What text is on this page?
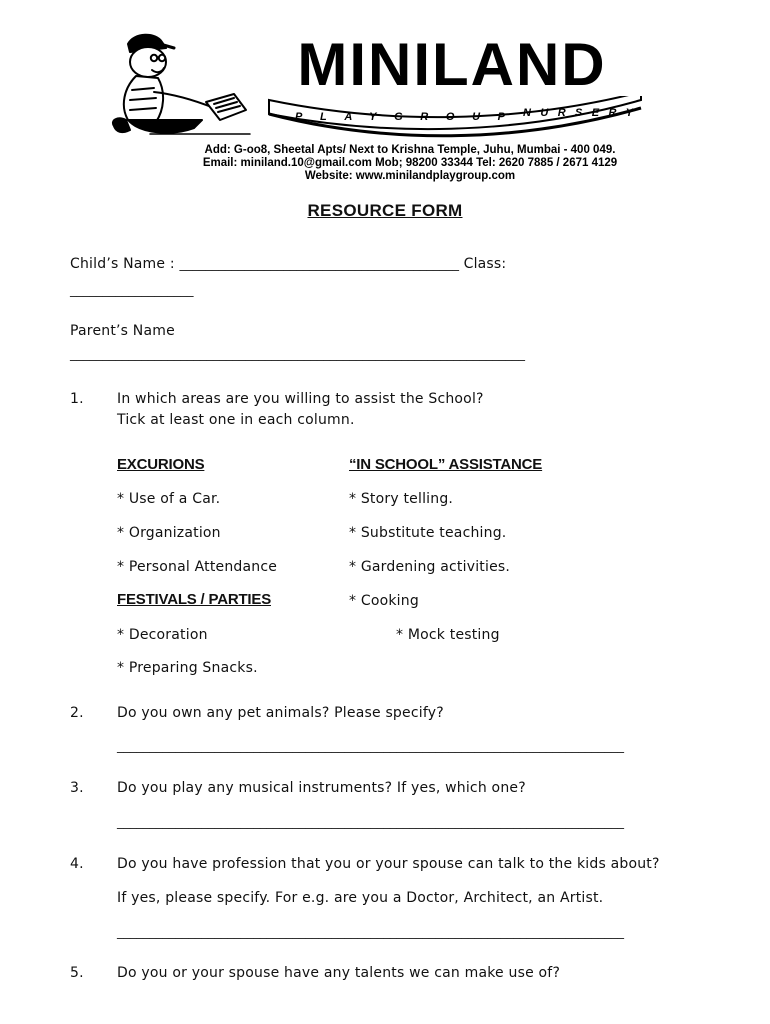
MINILAND
PLAYGROUP NURSERY
Add: G-oo8, Sheetal Apts/ Next to Krishna Temple, Juhu, Mumbai - 400 049.
Email: miniland.10@gmail.com Mob; 98200 33344 Tel: 2620 7885 / 2671 4129
Website: www.minilandplaygroup.com
RESOURCE FORM
Child’s Name : ___________________________________________ Class:
___________________
Parent’s Name
______________________________________________________________________
1. In which areas are you willing to assist the School?
Tick at least one in each column.
EXCURIONS	“IN SCHOOL” ASSISTANCE
* Use of a Car.	* Story telling.
* Organization	* Substitute teaching.
* Personal Attendance	* Gardening activities.
FESTIVALS / PARTIES	* Cooking
* Decoration	* Mock testing
* Preparing Snacks.
2. Do you own any pet animals? Please specify?
______________________________________________________________________________
3. Do you play any musical instruments? If yes, which one?
______________________________________________________________________________
4. Do you have profession that you or your spouse can talk to the kids about?
If yes, please specify. For e.g. are you a Doctor, Architect, an Artist.
______________________________________________________________________________
5. Do you or your spouse have any talents we can make use of?
